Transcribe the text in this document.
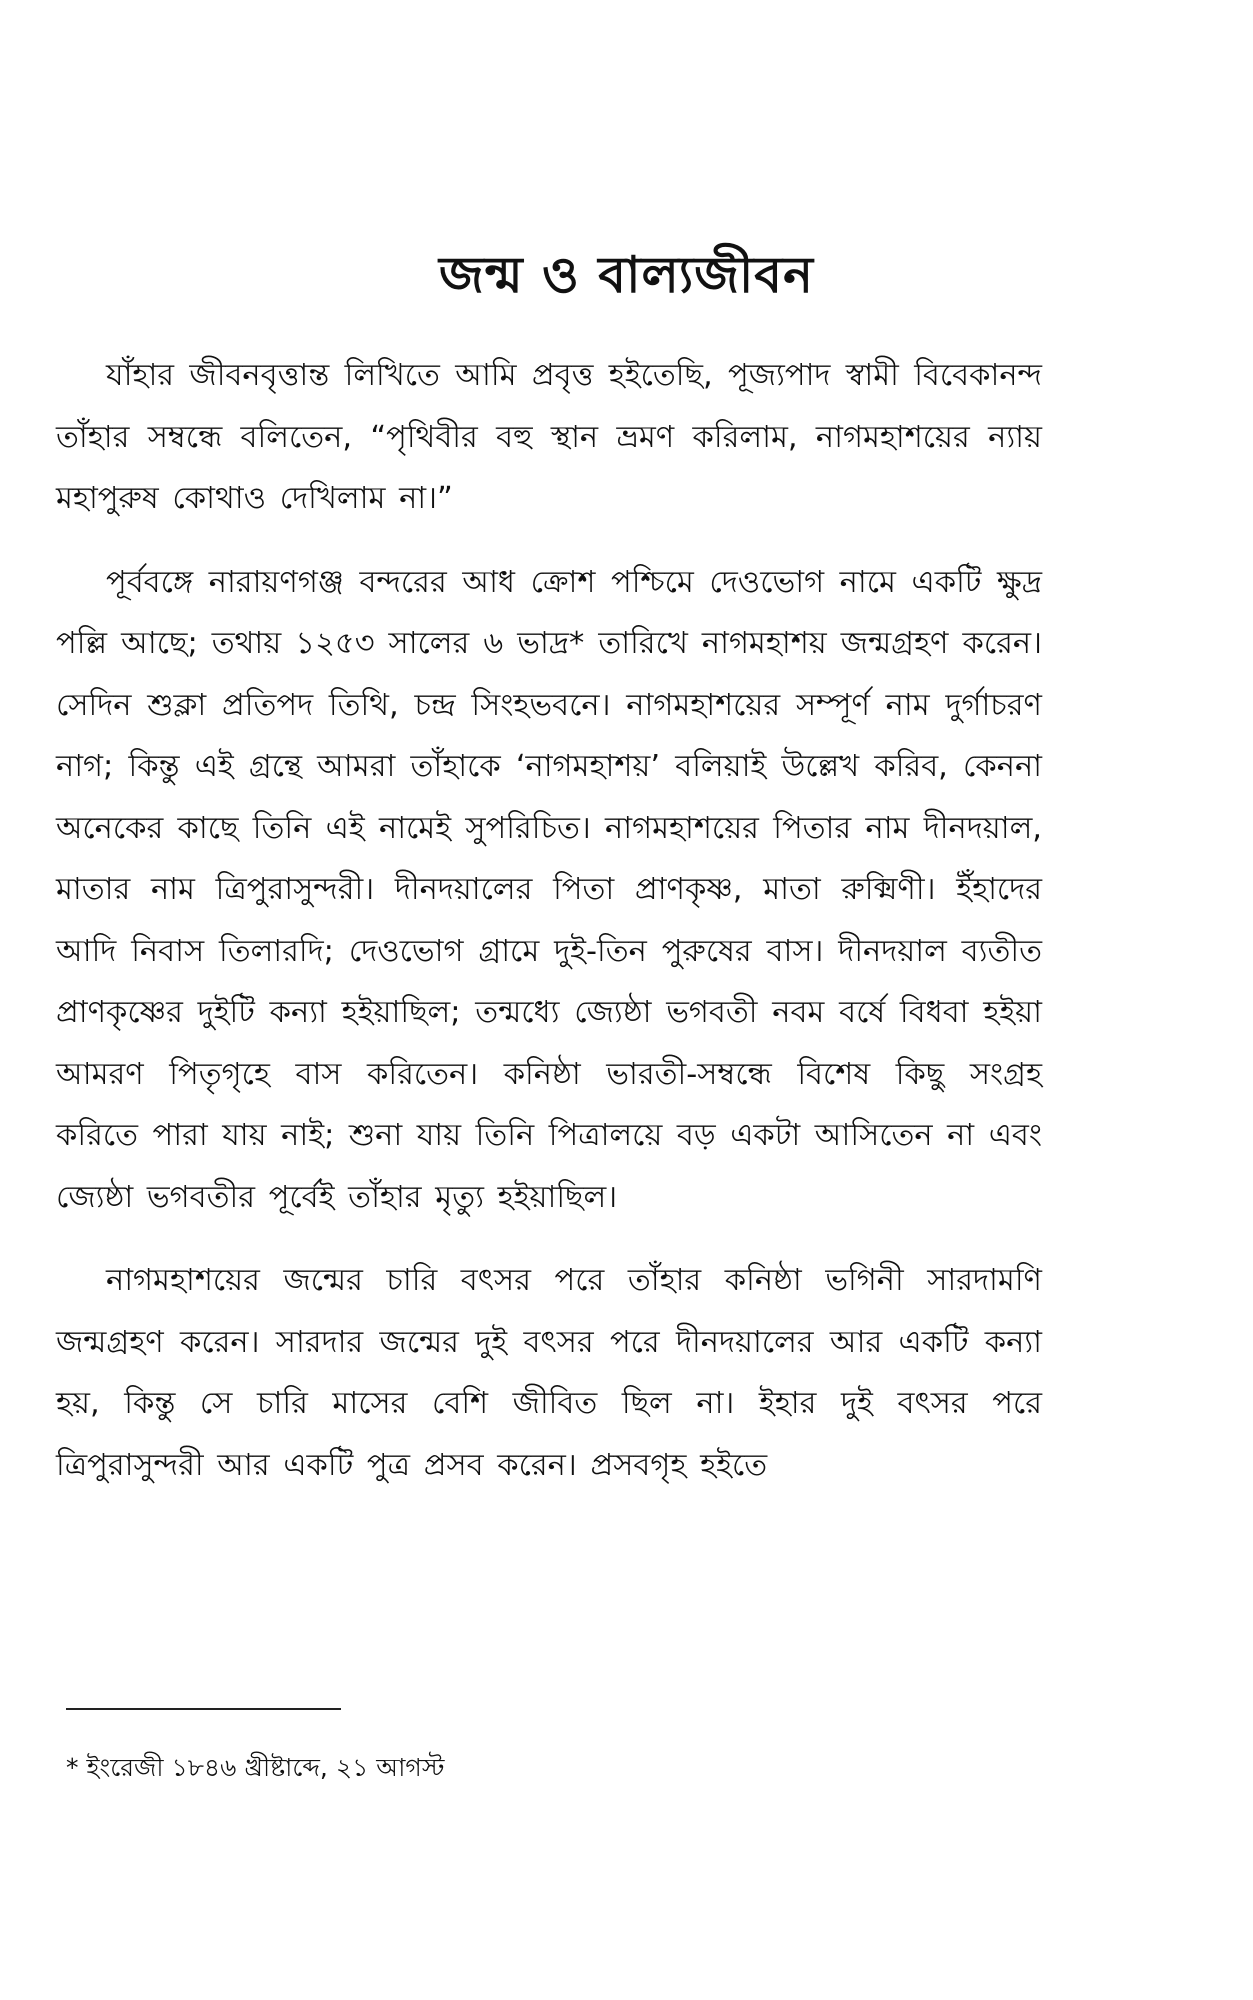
জন্ম ও বাল্যজীবন

যাঁহার জীবনবৃত্তান্ত লিখিতে আমি প্রবৃত্ত হইতেছি, পূজ্যপাদ স্বামী বিবেকানন্দ তাঁহার সম্বন্ধে বলিতেন, “পৃথিবীর বহু স্থান ভ্রমণ করিলাম, নাগমহাশয়ের ন্যায় মহাপুরুষ কোথাও দেখিলাম না।”

পূর্ববঙ্গে নারায়ণগঞ্জ বন্দরের আধ ক্রোশ পশ্চিমে দেওভোগ নামে একটি ক্ষুদ্র পল্লি আছে; তথায় ১২৫৩ সালের ৬ ভাদ্র* তারিখে নাগমহাশয় জন্মগ্রহণ করেন। সেদিন শুক্লা প্রতিপদ তিথি, চন্দ্র সিংহভবনে। নাগমহাশয়ের সম্পূর্ণ নাম দুর্গাচরণ নাগ; কিন্তু এই গ্রন্থে আমরা তাঁহাকে ‘নাগমহাশয়’ বলিয়াই উল্লেখ করিব, কেননা অনেকের কাছে তিনি এই নামেই সুপরিচিত। নাগমহাশয়ের পিতার নাম দীনদয়াল, মাতার নাম ত্রিপুরাসুন্দরী। দীনদয়ালের পিতা প্রাণকৃষ্ণ, মাতা রুক্মিণী। ইঁহাদের আদি নিবাস তিলারদি; দেওভোগ গ্রামে দুই-তিন পুরুষের বাস। দীনদয়াল ব্যতীত প্রাণকৃষ্ণের দুইটি কন্যা হইয়াছিল; তন্মধ্যে জ্যেষ্ঠা ভগবতী নবম বর্ষে বিধবা হইয়া আমরণ পিতৃগৃহে বাস করিতেন। কনিষ্ঠা ভারতী-সম্বন্ধে বিশেষ কিছু সংগ্রহ করিতে পারা যায় নাই; শুনা যায় তিনি পিত্রালয়ে বড় একটা আসিতেন না এবং জ্যেষ্ঠা ভগবতীর পূর্বেই তাঁহার মৃত্যু হইয়াছিল।

নাগমহাশয়ের জন্মের চারি বৎসর পরে তাঁহার কনিষ্ঠা ভগিনী সারদামণি জন্মগ্রহণ করেন। সারদার জন্মের দুই বৎসর পরে দীনদয়ালের আর একটি কন্যা হয়, কিন্তু সে চারি মাসের বেশি জীবিত ছিল না। ইহার দুই বৎসর পরে ত্রিপুরাসুন্দরী আর একটি পুত্র প্রসব করেন। প্রসবগৃহ হইতে

* ইংরেজী ১৮৪৬ খ্রীষ্টাব্দে, ২১ আগস্ট
